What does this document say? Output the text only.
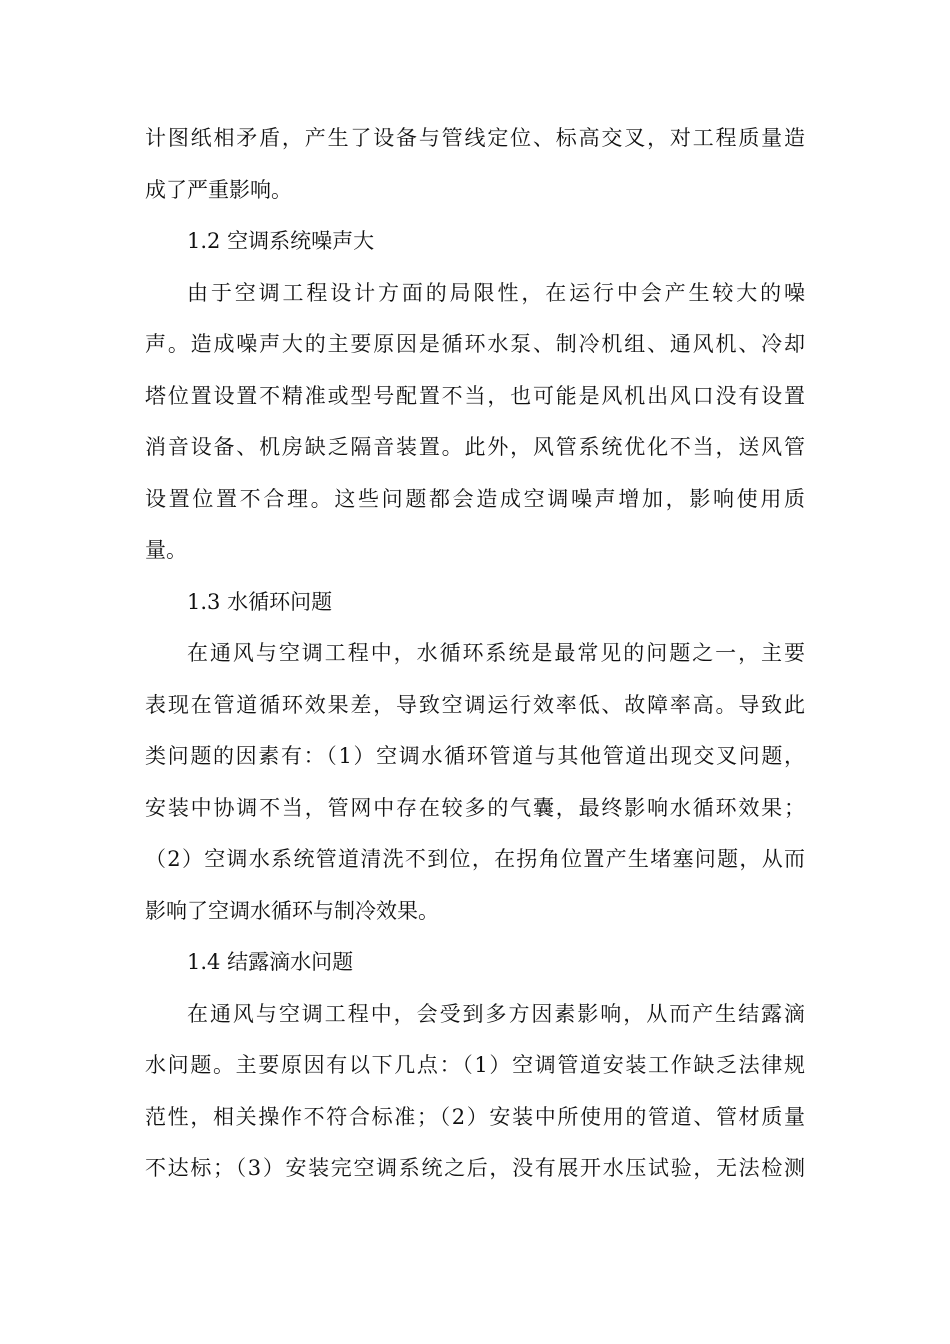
计图纸相矛盾，产生了设备与管线定位、标高交叉，对工程质量造
成了严重影响。
1.2 空调系统噪声大
由于空调工程设计方面的局限性，在运行中会产生较大的噪
声。造成噪声大的主要原因是循环水泵、制冷机组、通风机、冷却
塔位置设置不精准或型号配置不当，也可能是风机出风口没有设置
消音设备、机房缺乏隔音装置。此外，风管系统优化不当，送风管
设置位置不合理。这些问题都会造成空调噪声增加，影响使用质
量。
1.3 水循环问题
在通风与空调工程中，水循环系统是最常见的问题之一，主要
表现在管道循环效果差，导致空调运行效率低、故障率高。导致此
类问题的因素有：（1）空调水循环管道与其他管道出现交叉问题，
安装中协调不当，管网中存在较多的气囊，最终影响水循环效果；
（2）空调水系统管道清洗不到位，在拐角位置产生堵塞问题，从而
影响了空调水循环与制冷效果。
1.4 结露滴水问题
在通风与空调工程中，会受到多方因素影响，从而产生结露滴
水问题。主要原因有以下几点：（1）空调管道安装工作缺乏法律规
范性，相关操作不符合标准；（2）安装中所使用的管道、管材质量
不达标；（3）安装完空调系统之后，没有展开水压试验，无法检测
